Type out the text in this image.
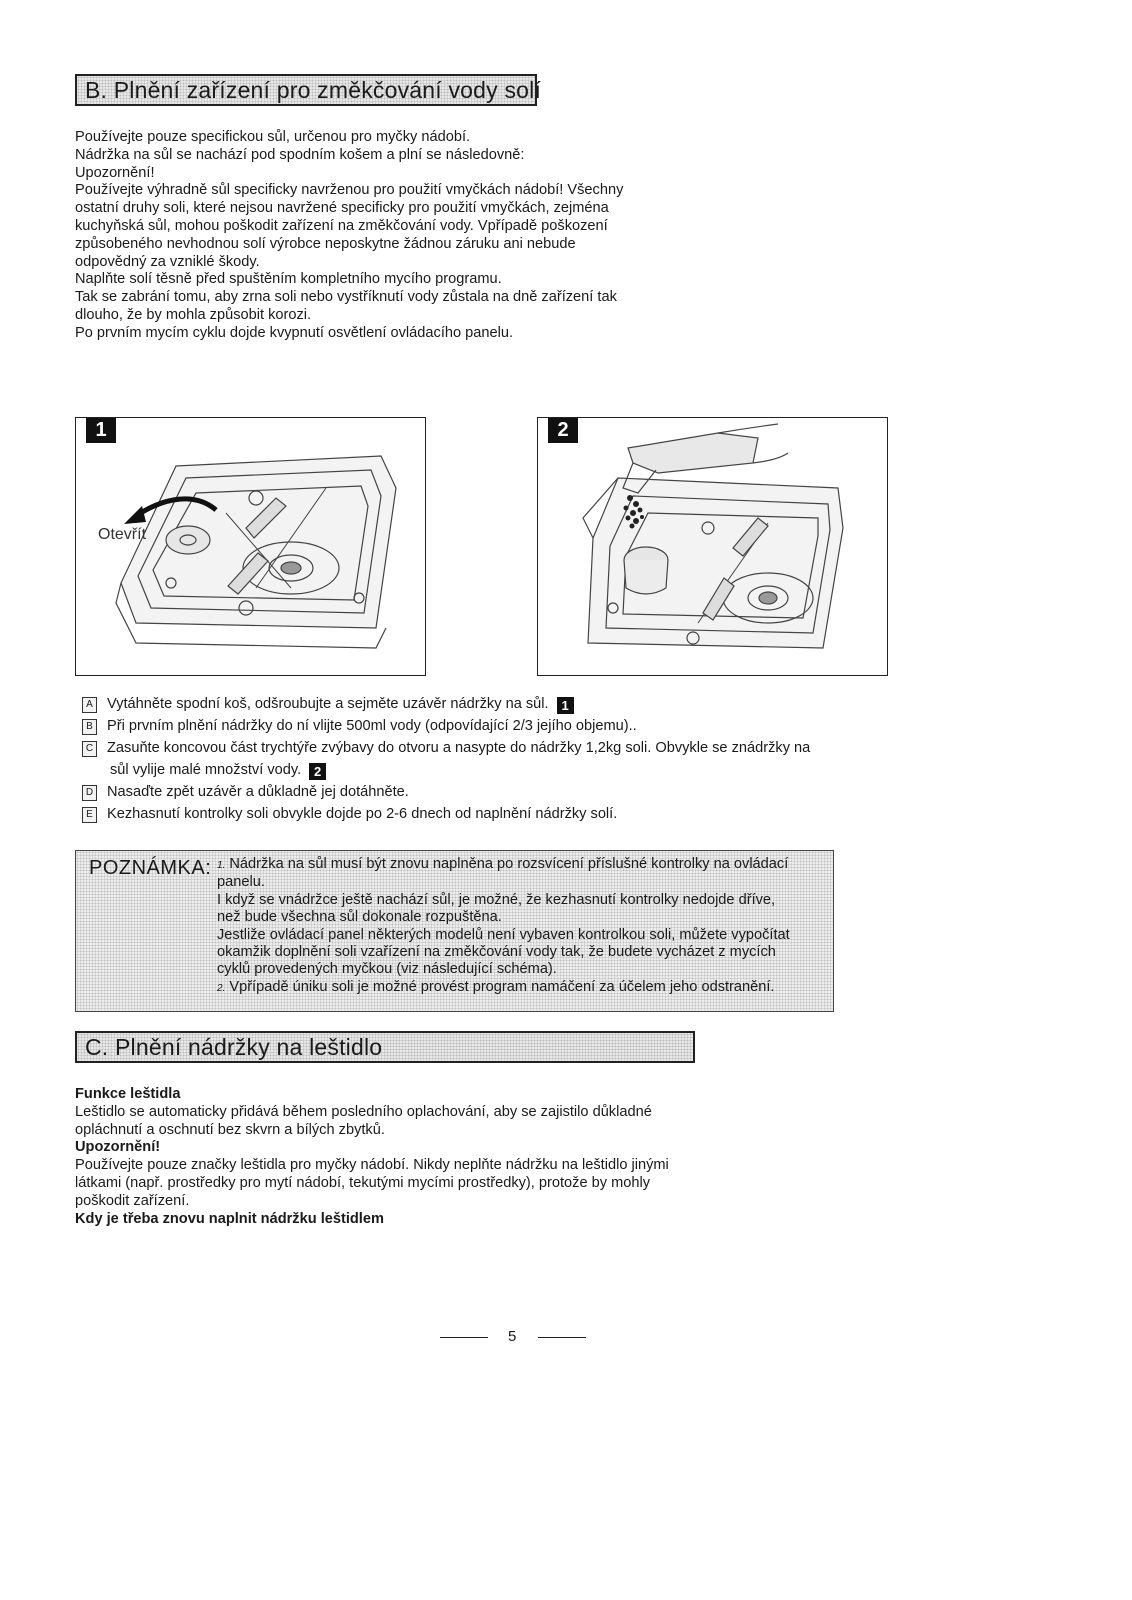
B. Plnění zařízení pro změkčování vody solí
Používejte pouze specifickou sůl, určenou pro myčky nádobí.
Nádržka na sůl se nachází pod spodním košem a plní se následovně:
Upozornění!
Používejte výhradně sůl specificky navrženou pro použití vmyčkách nádobí! Všechny
ostatní druhy soli, které nejsou navržené specificky pro použití vmyčkách, zejména
kuchyňská sůl, mohou poškodit zařízení na změkčování vody. Vpřípadě poškození
způsobeného nevhodnou solí výrobce neposkytne žádnou záruku ani nebude
odpovědný za vzniklé škody.
Naplňte solí těsně před spuštěním kompletního mycího programu.
Tak se zabrání tomu, aby zrna soli nebo vystříknutí vody zůstala na dně zařízení tak
dlouho, že by mohla způsobit korozi.
Po prvním mycím cyklu dojde kvypnutí osvětlení ovládacího panelu.
1
Otevřít
2
A Vytáhněte spodní koš, odšroubujte a sejměte uzávěr nádržky na sůl. 1
B Při prvním plnění nádržky do ní vlijte 500ml vody (odpovídající 2/3 jejího objemu)..
C Zasuňte koncovou část trychtýře zvýbavy do otvoru a nasypte do nádržky 1,2kg soli. Obvykle se znádržky na
sůl vylije malé množství vody. 2
D Nasaďte zpět uzávěr a důkladně jej dotáhněte.
E Kezhasnutí kontrolky soli obvykle dojde po 2-6 dnech od naplnění nádržky solí.
POZNÁMKA: 1. Nádržka na sůl musí být znovu naplněna po rozsvícení příslušné kontrolky na ovládací
panelu.
I když se vnádržce ještě nachází sůl, je možné, že kezhasnutí kontrolky nedojde dříve,
než bude všechna sůl dokonale rozpuštěna.
Jestliže ovládací panel některých modelů není vybaven kontrolkou soli, můžete vypočítat
okamžik doplnění soli vzařízení na změkčování vody tak, že budete vycházet z mycích
cyklů provedených myčkou (viz následující schéma).
2. Vpřípadě úniku soli je možné provést program namáčení za účelem jeho odstranění.
C. Plnění nádržky na leštidlo
Funkce leštidla
Leštidlo se automaticky přidává během posledního oplachování, aby se zajistilo důkladné
opláchnutí a oschnutí bez skvrn a bílých zbytků.
Upozornění!
Používejte pouze značky leštidla pro myčky nádobí. Nikdy neplňte nádržku na leštidlo jinými
látkami (např. prostředky pro mytí nádobí, tekutými mycími prostředky), protože by mohly
poškodit zařízení.
Kdy je třeba znovu naplnit nádržku leštidlem
5
